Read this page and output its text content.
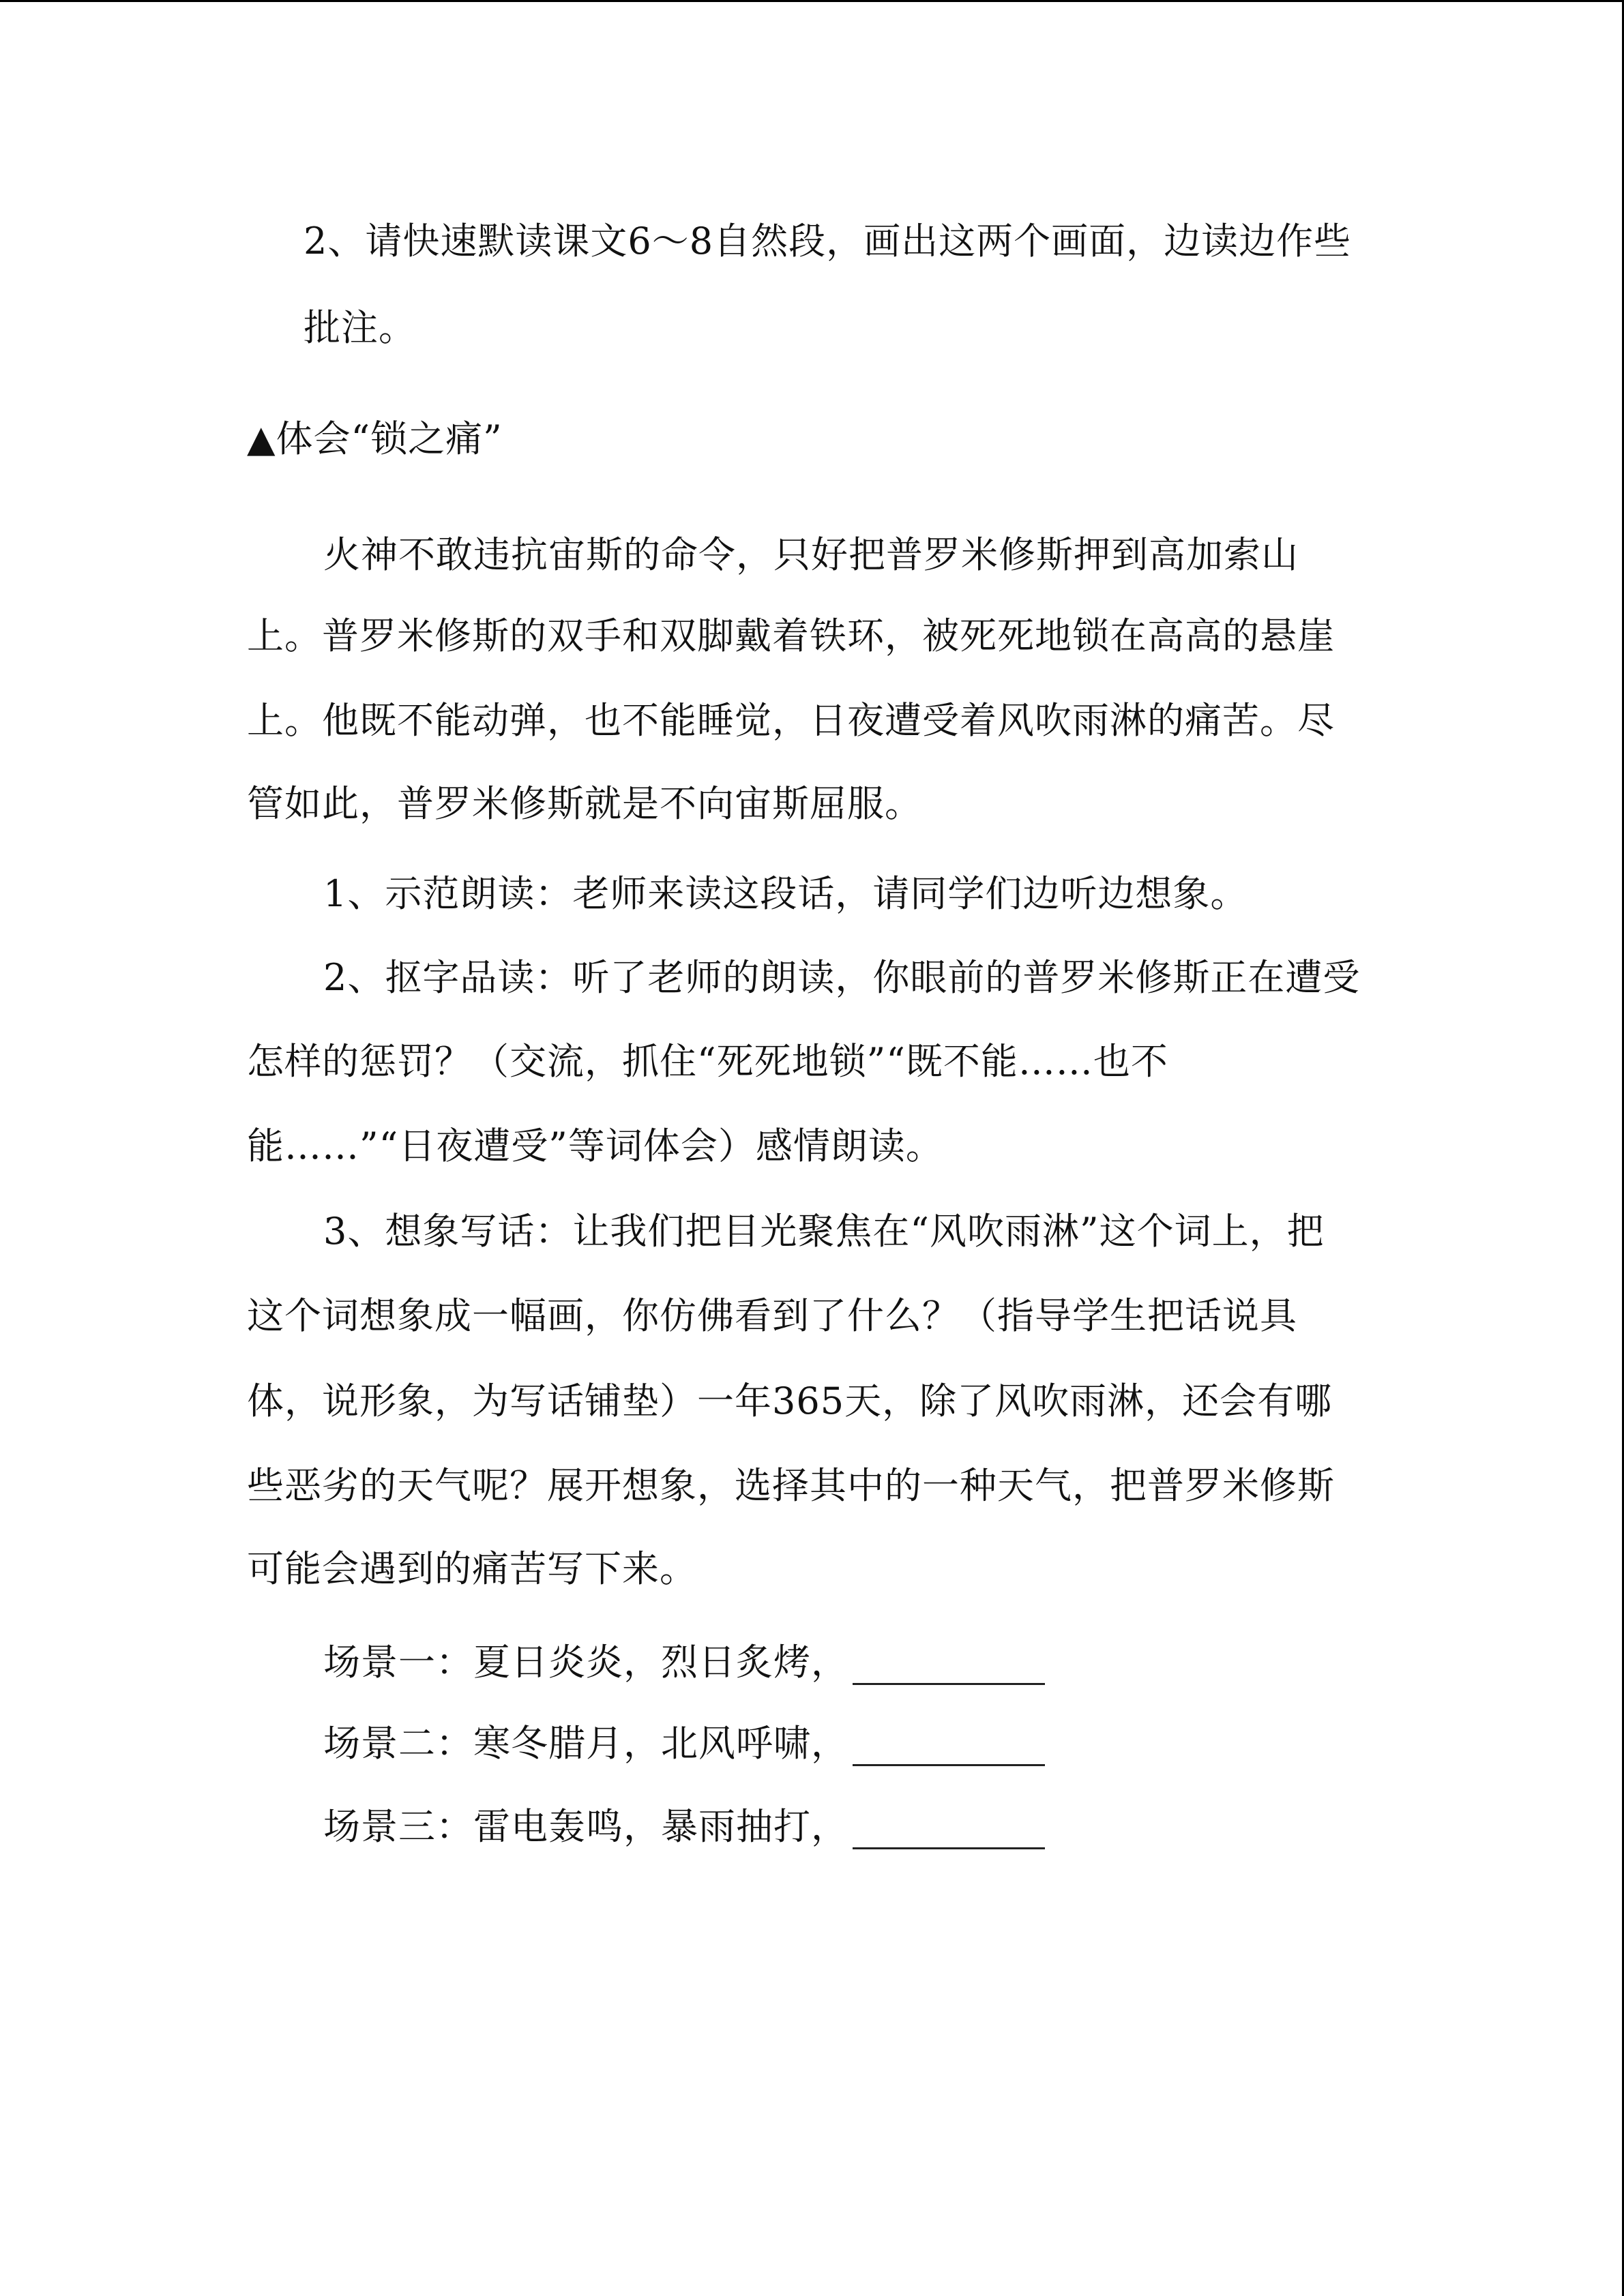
2、请快速默读课文6～8自然段，画出这两个画面，边读边作些

批注。

▲体会“锁之痛”

火神不敢违抗宙斯的命令，只好把普罗米修斯押到高加索山

上。普罗米修斯的双手和双脚戴着铁环，被死死地锁在高高的悬崖

上。他既不能动弹，也不能睡觉，日夜遭受着风吹雨淋的痛苦。尽

管如此，普罗米修斯就是不向宙斯屈服。

1、示范朗读：老师来读这段话，请同学们边听边想象。

2、抠字品读：听了老师的朗读，你眼前的普罗米修斯正在遭受

怎样的惩罚？（交流，抓住“死死地锁”“既不能……也不

能……”“日夜遭受”等词体会）感情朗读。

3、想象写话：让我们把目光聚焦在“风吹雨淋”这个词上，把

这个词想象成一幅画，你仿佛看到了什么？（指导学生把话说具

体，说形象，为写话铺垫）一年365天，除了风吹雨淋，还会有哪

些恶劣的天气呢？展开想象，选择其中的一种天气，把普罗米修斯

可能会遇到的痛苦写下来。

场景一：夏日炎炎，烈日炙烤，

场景二：寒冬腊月，北风呼啸，

场景三：雷电轰鸣，暴雨抽打，
